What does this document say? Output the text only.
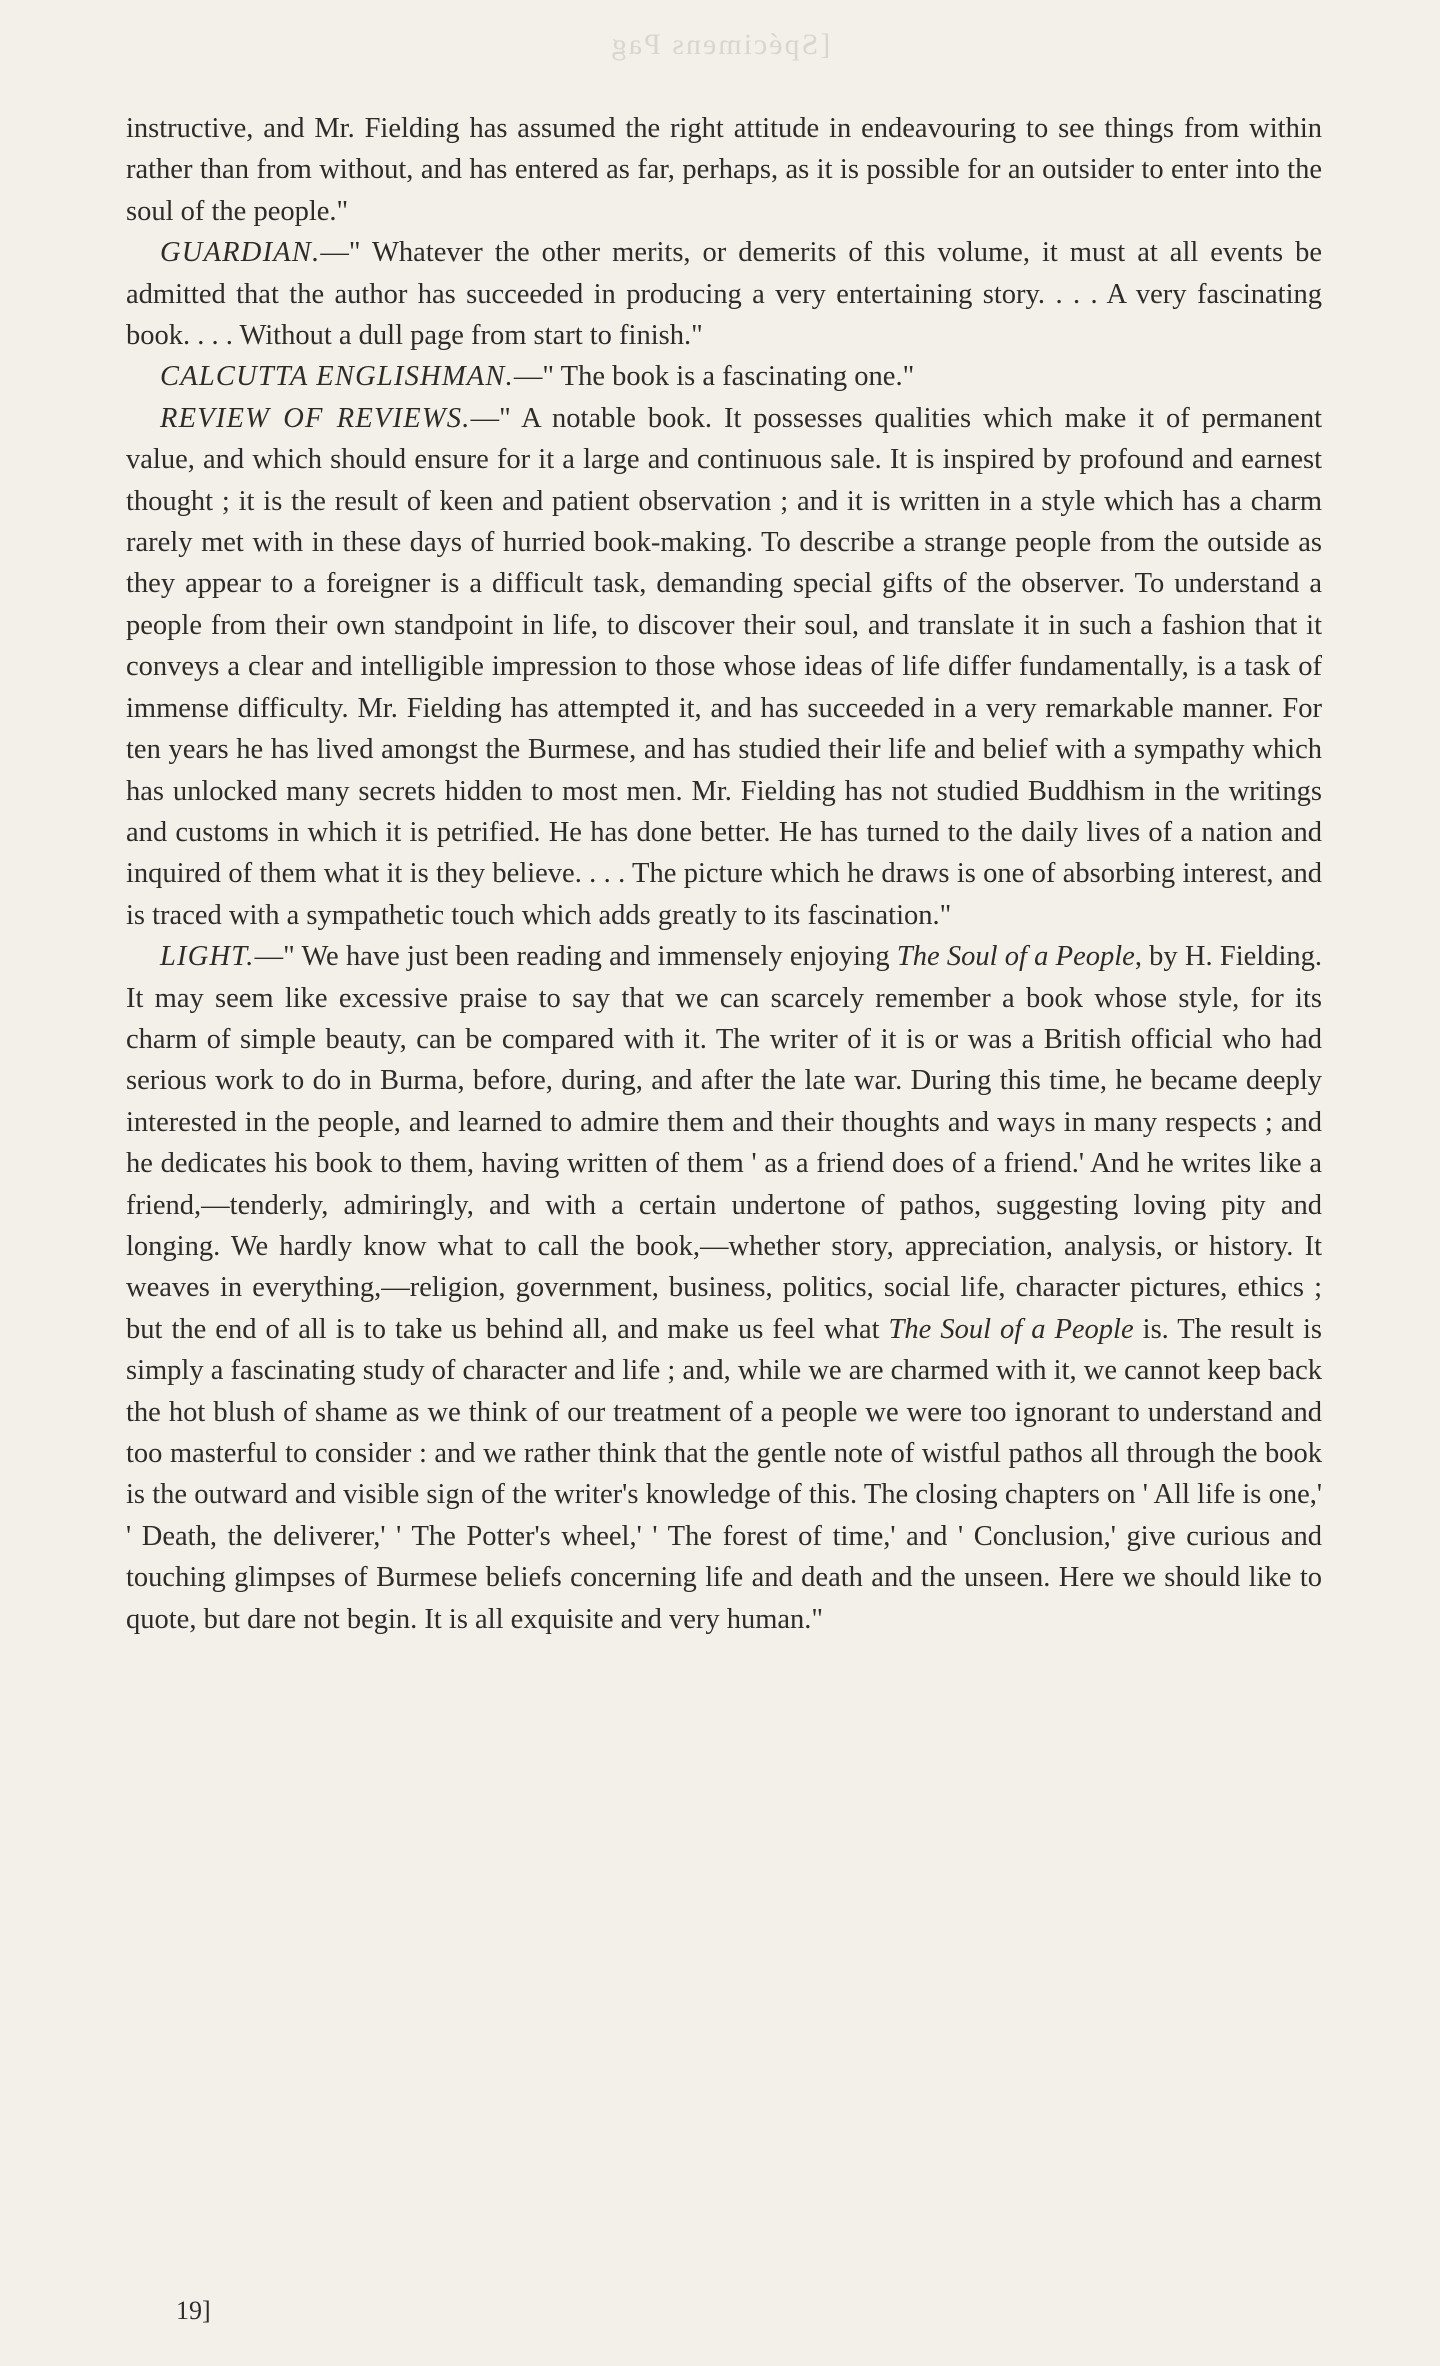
[Spécimens Pag

instructive, and Mr. Fielding has assumed the right attitude in endeavouring to see things from within rather than from without, and has entered as far, perhaps, as it is possible for an outsider to enter into the soul of the people."

GUARDIAN.—" Whatever the other merits, or demerits of this volume, it must at all events be admitted that the author has succeeded in producing a very entertaining story. . . . A very fascinating book. . . . Without a dull page from start to finish."

CALCUTTA ENGLISHMAN.—" The book is a fascinating one."

REVIEW OF REVIEWS.—" A notable book. It possesses qualities which make it of permanent value, and which should ensure for it a large and continuous sale. It is inspired by profound and earnest thought ; it is the result of keen and patient observation ; and it is written in a style which has a charm rarely met with in these days of hurried book-making. To describe a strange people from the outside as they appear to a foreigner is a difficult task, demanding special gifts of the observer. To understand a people from their own standpoint in life, to discover their soul, and translate it in such a fashion that it conveys a clear and intelligible impression to those whose ideas of life differ fundamentally, is a task of immense difficulty. Mr. Fielding has attempted it, and has succeeded in a very remarkable manner. For ten years he has lived amongst the Burmese, and has studied their life and belief with a sympathy which has unlocked many secrets hidden to most men. Mr. Fielding has not studied Buddhism in the writings and customs in which it is petrified. He has done better. He has turned to the daily lives of a nation and inquired of them what it is they believe. . . . The picture which he draws is one of absorbing interest, and is traced with a sympathetic touch which adds greatly to its fascination."

LIGHT.—" We have just been reading and immensely enjoying The Soul of a People, by H. Fielding. It may seem like excessive praise to say that we can scarcely remember a book whose style, for its charm of simple beauty, can be compared with it. The writer of it is or was a British official who had serious work to do in Burma, before, during, and after the late war. During this time, he became deeply interested in the people, and learned to admire them and their thoughts and ways in many respects ; and he dedicates his book to them, having written of them ' as a friend does of a friend.' And he writes like a friend,—tenderly, admiringly, and with a certain undertone of pathos, suggesting loving pity and longing. We hardly know what to call the book,—whether story, appreciation, analysis, or history. It weaves in everything,—religion, government, business, politics, social life, character pictures, ethics ; but the end of all is to take us behind all, and make us feel what The Soul of a People is. The result is simply a fascinating study of character and life ; and, while we are charmed with it, we cannot keep back the hot blush of shame as we think of our treatment of a people we were too ignorant to understand and too masterful to consider : and we rather think that the gentle note of wistful pathos all through the book is the outward and visible sign of the writer's knowledge of this. The closing chapters on ' All life is one,' ' Death, the deliverer,' ' The Potter's wheel,' ' The forest of time,' and ' Conclusion,' give curious and touching glimpses of Burmese beliefs concerning life and death and the unseen. Here we should like to quote, but dare not begin. It is all exquisite and very human."

19]
